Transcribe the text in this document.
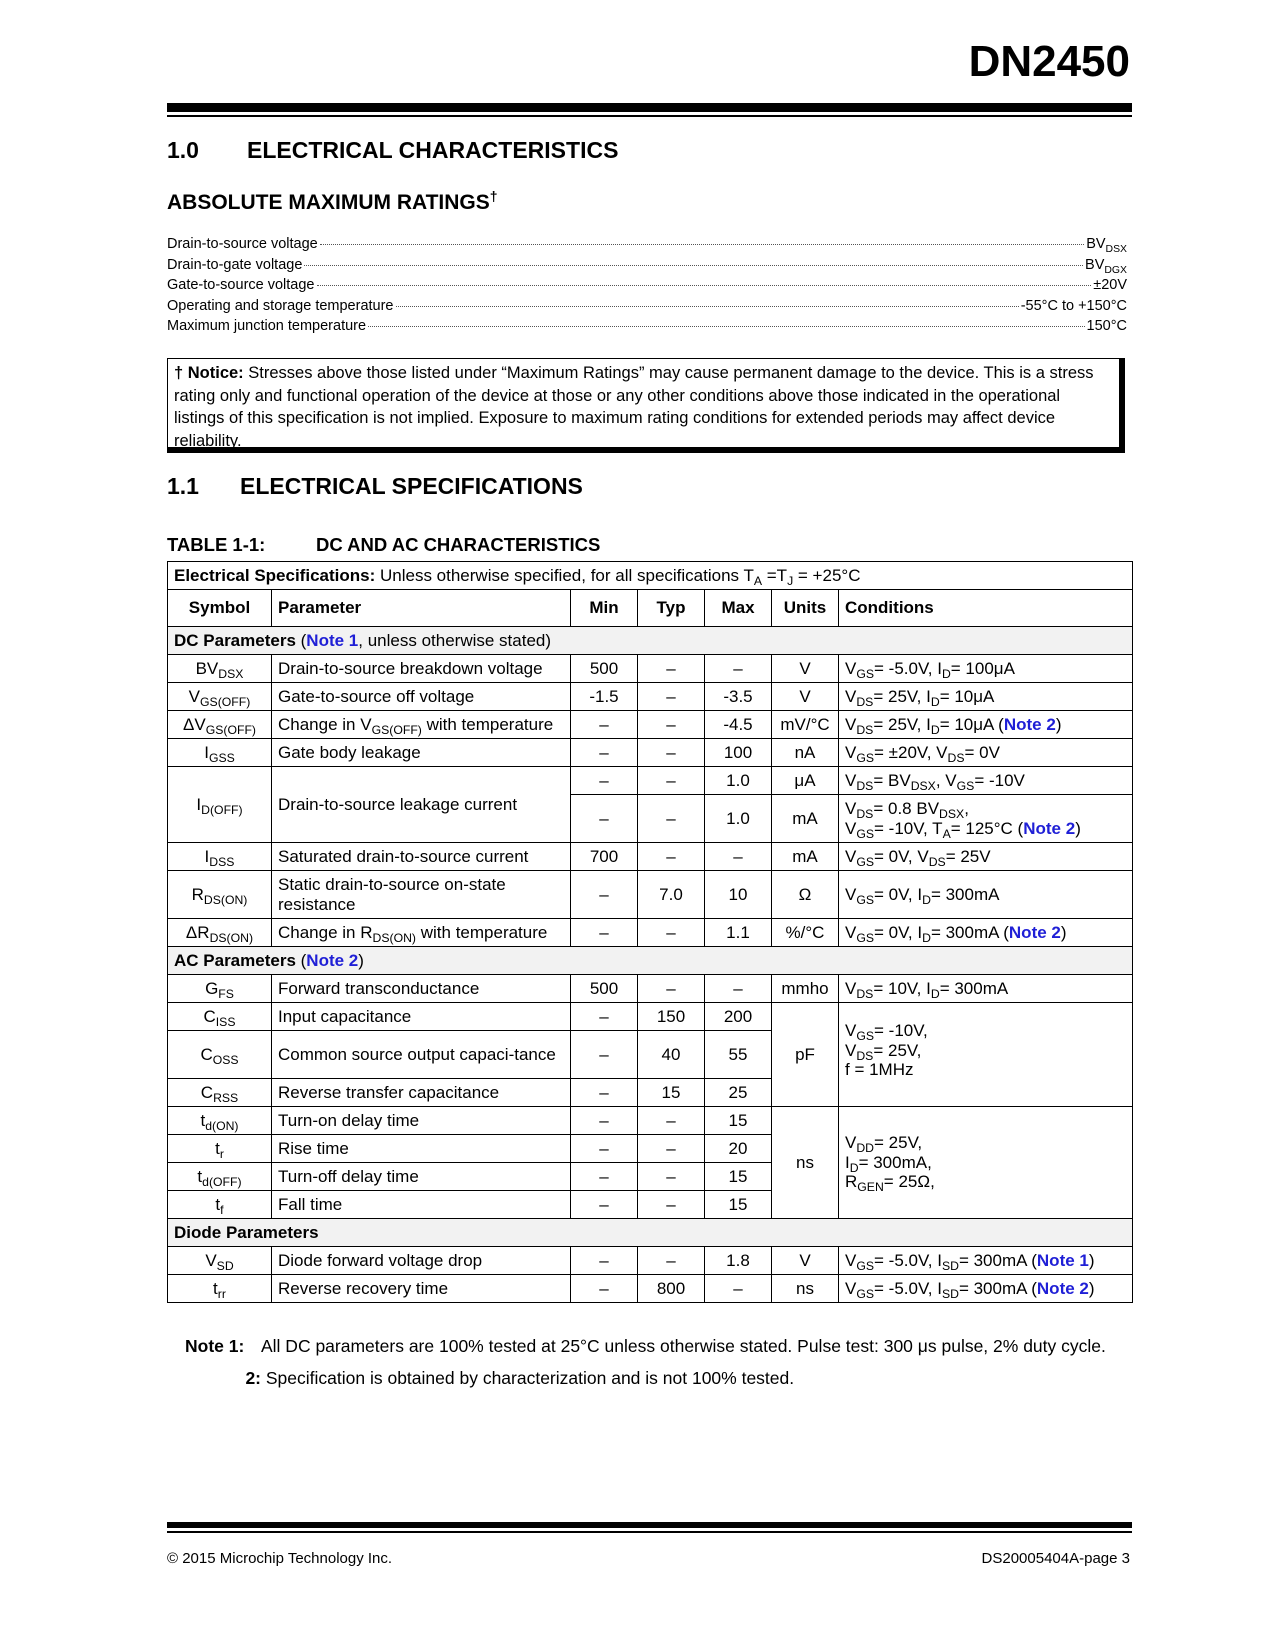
DN2450
1.0 ELECTRICAL CHARACTERISTICS
ABSOLUTE MAXIMUM RATINGS†
Drain-to-source voltage	$BV_{DSX}$
Drain-to-gate voltage	$BV_{DGX}$
Gate-to-source voltage	±20V
Operating and storage temperature	-55°C to +150°C
Maximum junction temperature	150°C
† Notice: Stresses above those listed under “Maximum Ratings” may cause permanent damage to the device. This is a stress rating only and functional operation of the device at those or any other conditions above those indicated in the operational listings of this specification is not implied. Exposure to maximum rating conditions for extended periods may affect device reliability.
1.1 ELECTRICAL SPECIFICATIONS
TABLE 1-1:	DC AND AC CHARACTERISTICS
Electrical Specifications: Unless otherwise specified, for all specifications $T_A =T_J = +25^\circ C$						
Symbol	Parameter	Min	Typ	Max	Units	Conditions
DC Parameters (Note 1, unless otherwise stated)						
$BV_{DSX}$	Drain-to-source breakdown voltage	500	–	–	V	$V_{GS}= -5.0V$, $I_D= 100\mu A$
$V_{GS(OFF)}$	Gate-to-source off voltage	-1.5	–	-3.5	V	$V_{DS}= 25V$, $I_D= 10\mu A$
$\Delta V_{GS(OFF)}$	Change in $V_{GS(OFF)}$ with temperature	–	–	-4.5	mV/°C	$V_{DS}= 25V$, $I_D= 10\mu A$ (Note 2)
$I_{GSS}$	Gate body leakage	–	–	100	nA	$V_{GS}= \pm 20V$, $V_{DS}= 0V$
$I_{D(OFF)}$	Drain-to-source leakage current	–	–	1.0	μA	$V_{DS}= BV_{DSX}$, $V_{GS}= -10V$
		–	–	1.0	mA	$V_{DS}= 0.8$ $BV_{DSX}$,
$V_{GS}= -10V$, $T_A= 125^\circ C$ (Note 2)
$I_{DSS}$	Saturated drain-to-source current	700	–	–	mA	$V_{GS}= 0V$, $V_{DS}= 25V$
$R_{DS(ON)}$	Static drain-to-source on-state resistance	–	7.0	10	Ω	$V_{GS}= 0V$, $I_D= 300mA$
$\Delta R_{DS(ON)}$	Change in $R_{DS(ON)}$ with temperature	–	–	1.1	%/°C	$V_{GS}= 0V$, $I_D= 300mA$ (Note 2)
AC Parameters (Note 2)						
$G_{FS}$	Forward transconductance	500	–	–	mmho	$V_{DS}= 10V$, $I_D= 300mA$
$C_{ISS}$	Input capacitance	–	150	200	pF	$V_{GS}= -10V$,
$V_{DS}= 25V$,
f = 1MHz
$C_{OSS}$	Common source output capaci-tance	–	40	55		
$C_{RSS}$	Reverse transfer capacitance	–	15	25		
$t_{d(ON)}$	Turn-on delay time	–	–	15	ns	$V_{DD}= 25V$,
$I_D= 300mA$,
$R_{GEN}= 25\Omega$,
$t_r$	Rise time	–	–	20		
$t_{d(OFF)}$	Turn-off delay time	–	–	15		
$t_f$	Fall time	–	–	15		
Diode Parameters						
$V_{SD}$	Diode forward voltage drop	–	–	1.8	V	$V_{GS}= -5.0V$, $I_{SD}= 300mA$ (Note 1)
$t_{rr}$	Reverse recovery time	–	800	–	ns	$V_{GS}= -5.0V$, $I_{SD}= 300mA$ (Note 2)
Note 1: All DC parameters are 100% tested at 25°C unless otherwise stated. Pulse test: 300 μs pulse, 2% duty cycle.
2: Specification is obtained by characterization and is not 100% tested.
© 2015 Microchip Technology Inc.	DS20005404A-page 3
